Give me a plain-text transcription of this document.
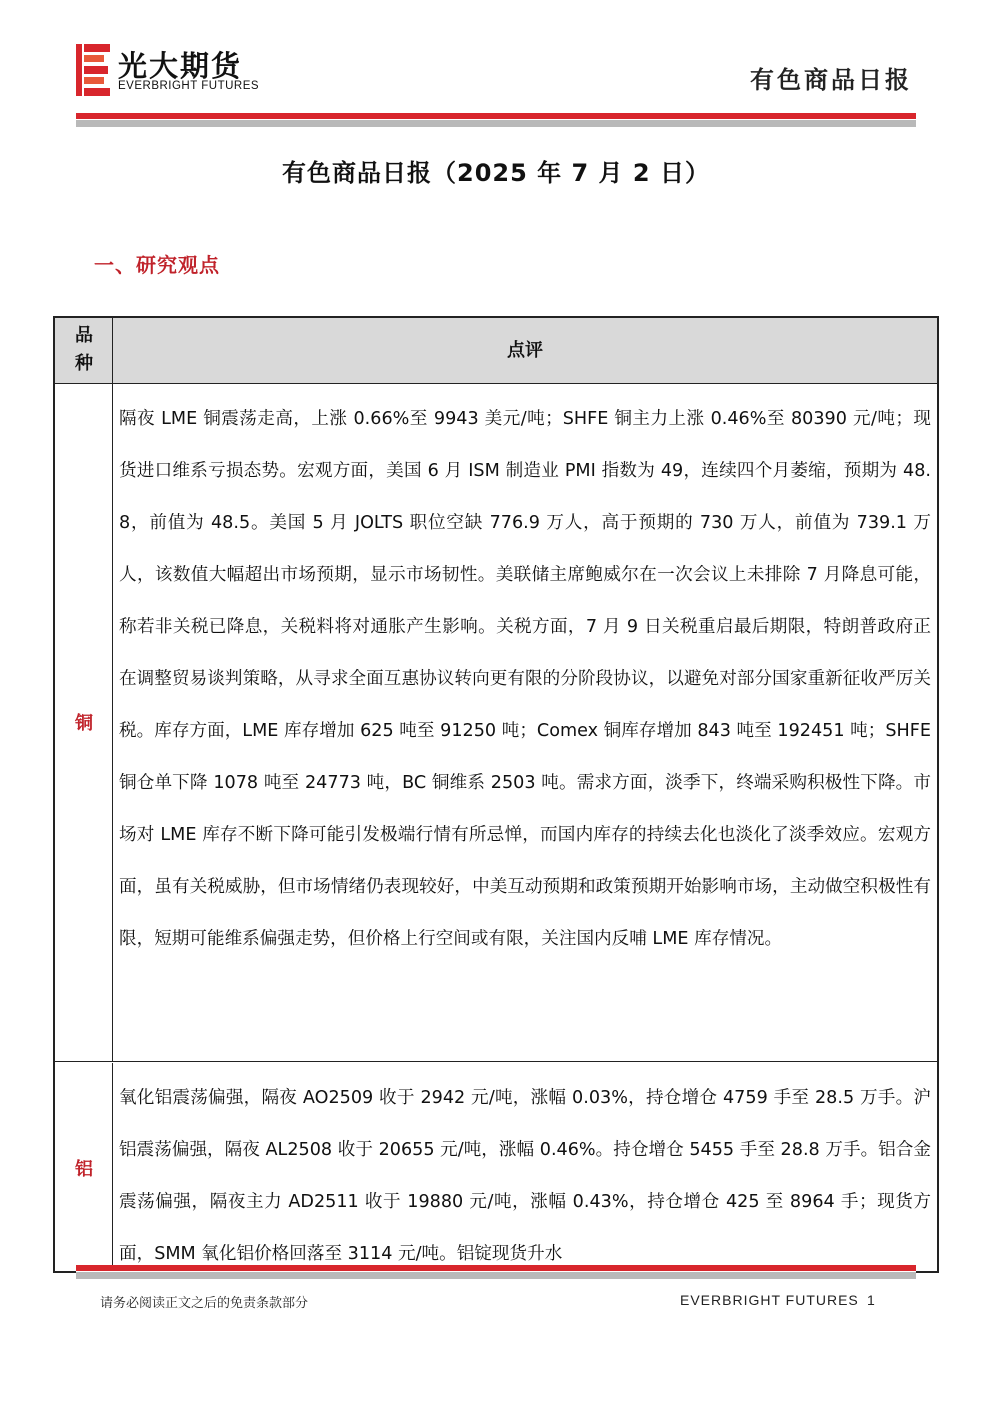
光大期货
EVERBRIGHT FUTURES	有色商品日报
有色商品日报（2025 年 7 月 2 日）
一、研究观点
品
种
点评
铜
隔夜 LME 铜震荡走高，上涨 0.66%至 9943 美元/吨；SHFE 铜主力上涨 0.46%至 80390 元/吨；现货进口维系亏损态势。宏观方面，美国 6 月 ISM 制造业 PMI 指数为 49，连续四个月萎缩，预期为 48.8，前值为 48.5。美国 5 月 JOLTS 职位空缺 776.9 万人，高于预期的 730 万人，前值为 739.1 万人，该数值大幅超出市场预期，显示市场韧性。美联储主席鲍威尔在一次会议上未排除 7 月降息可能，称若非关税已降息，关税料将对通胀产生影响。关税方面，7 月 9 日关税重启最后期限，特朗普政府正在调整贸易谈判策略，从寻求全面互惠协议转向更有限的分阶段协议，以避免对部分国家重新征收严厉关税。库存方面，LME 库存增加 625 吨至 91250 吨；Comex 铜库存增加 843 吨至 192451 吨；SHFE 铜仓单下降 1078 吨至 24773 吨，BC 铜维系 2503 吨。需求方面，淡季下，终端采购积极性下降。市场对 LME 库存不断下降可能引发极端行情有所忌惮，而国内库存的持续去化也淡化了淡季效应。宏观方面，虽有关税威胁，但市场情绪仍表现较好，中美互动预期和政策预期开始影响市场，主动做空积极性有限，短期可能维系偏强走势，但价格上行空间或有限，关注国内反哺 LME 库存情况。
铝
氧化铝震荡偏强，隔夜 AO2509 收于 2942 元/吨，涨幅 0.03%，持仓增仓 4759 手至 28.5 万手。沪铝震荡偏强，隔夜 AL2508 收于 20655 元/吨，涨幅 0.46%。持仓增仓 5455 手至 28.8 万手。铝合金震荡偏强，隔夜主力 AD2511 收于 19880 元/吨，涨幅 0.43%，持仓增仓 425 至 8964 手；现货方面，SMM 氧化铝价格回落至 3114 元/吨。铝锭现货升水
请务必阅读正文之后的免责条款部分	EVERBRIGHT FUTURES 1
